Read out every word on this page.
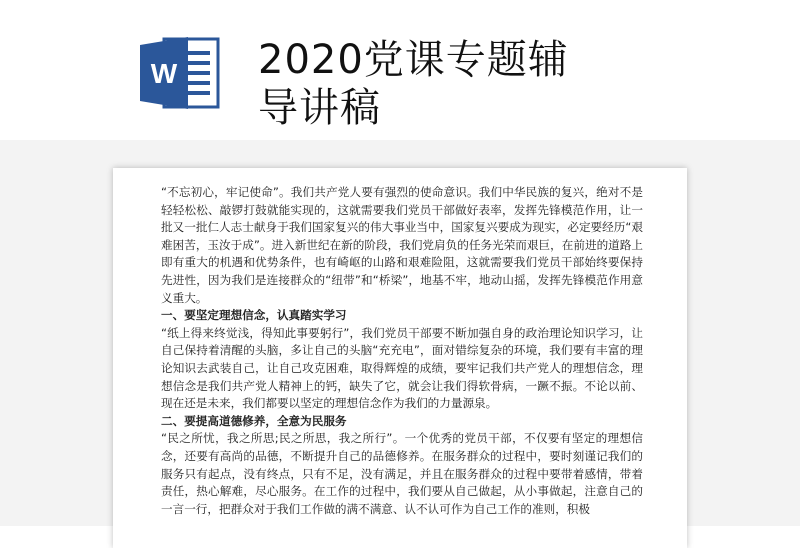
W 2020党课专题辅
导讲稿

“不忘初心，牢记使命”。我们共产党人要有强烈的使命意识。我们中华民族的复兴，绝对不是轻轻松松、敲锣打鼓就能实现的，这就需要我们党员干部做好表率，发挥先锋模范作用，让一批又一批仁人志士献身于我们国家复兴的伟大事业当中，国家复兴要成为现实，必定要经历“艰难困苦，玉汝于成”。进入新世纪在新的阶段，我们党肩负的任务光荣而艰巨，在前进的道路上即有重大的机遇和优势条件，也有崎岖的山路和艰难险阻，这就需要我们党员干部始终要保持先进性，因为我们是连接群众的“纽带”和“桥梁”，地基不牢，地动山摇，发挥先锋模范作用意义重大。

一、要坚定理想信念，认真踏实学习

“纸上得来终觉浅，得知此事要躬行”，我们党员干部要不断加强自身的政治理论知识学习，让自己保持着清醒的头脑，多让自己的头脑“充充电”，面对错综复杂的环境，我们要有丰富的理论知识去武装自己，让自己攻克困难，取得辉煌的成绩，要牢记我们共产党人的理想信念，理想信念是我们共产党人精神上的钙，缺失了它，就会让我们得软骨病，一蹶不振。不论以前、现在还是未来，我们都要以坚定的理想信念作为我们的力量源泉。

二、要提高道德修养，全意为民服务

“民之所忧，我之所思;民之所思，我之所行”。一个优秀的党员干部，不仅要有坚定的理想信念，还要有高尚的品德，不断提升自己的品德修养。在服务群众的过程中，要时刻谨记我们的服务只有起点，没有终点，只有不足，没有满足，并且在服务群众的过程中要带着感情，带着责任，热心解难，尽心服务。在工作的过程中，我们要从自己做起，从小事做起，注意自己的一言一行，把群众对于我们工作做的满不满意、认不认可作为自己工作的准则，积极
